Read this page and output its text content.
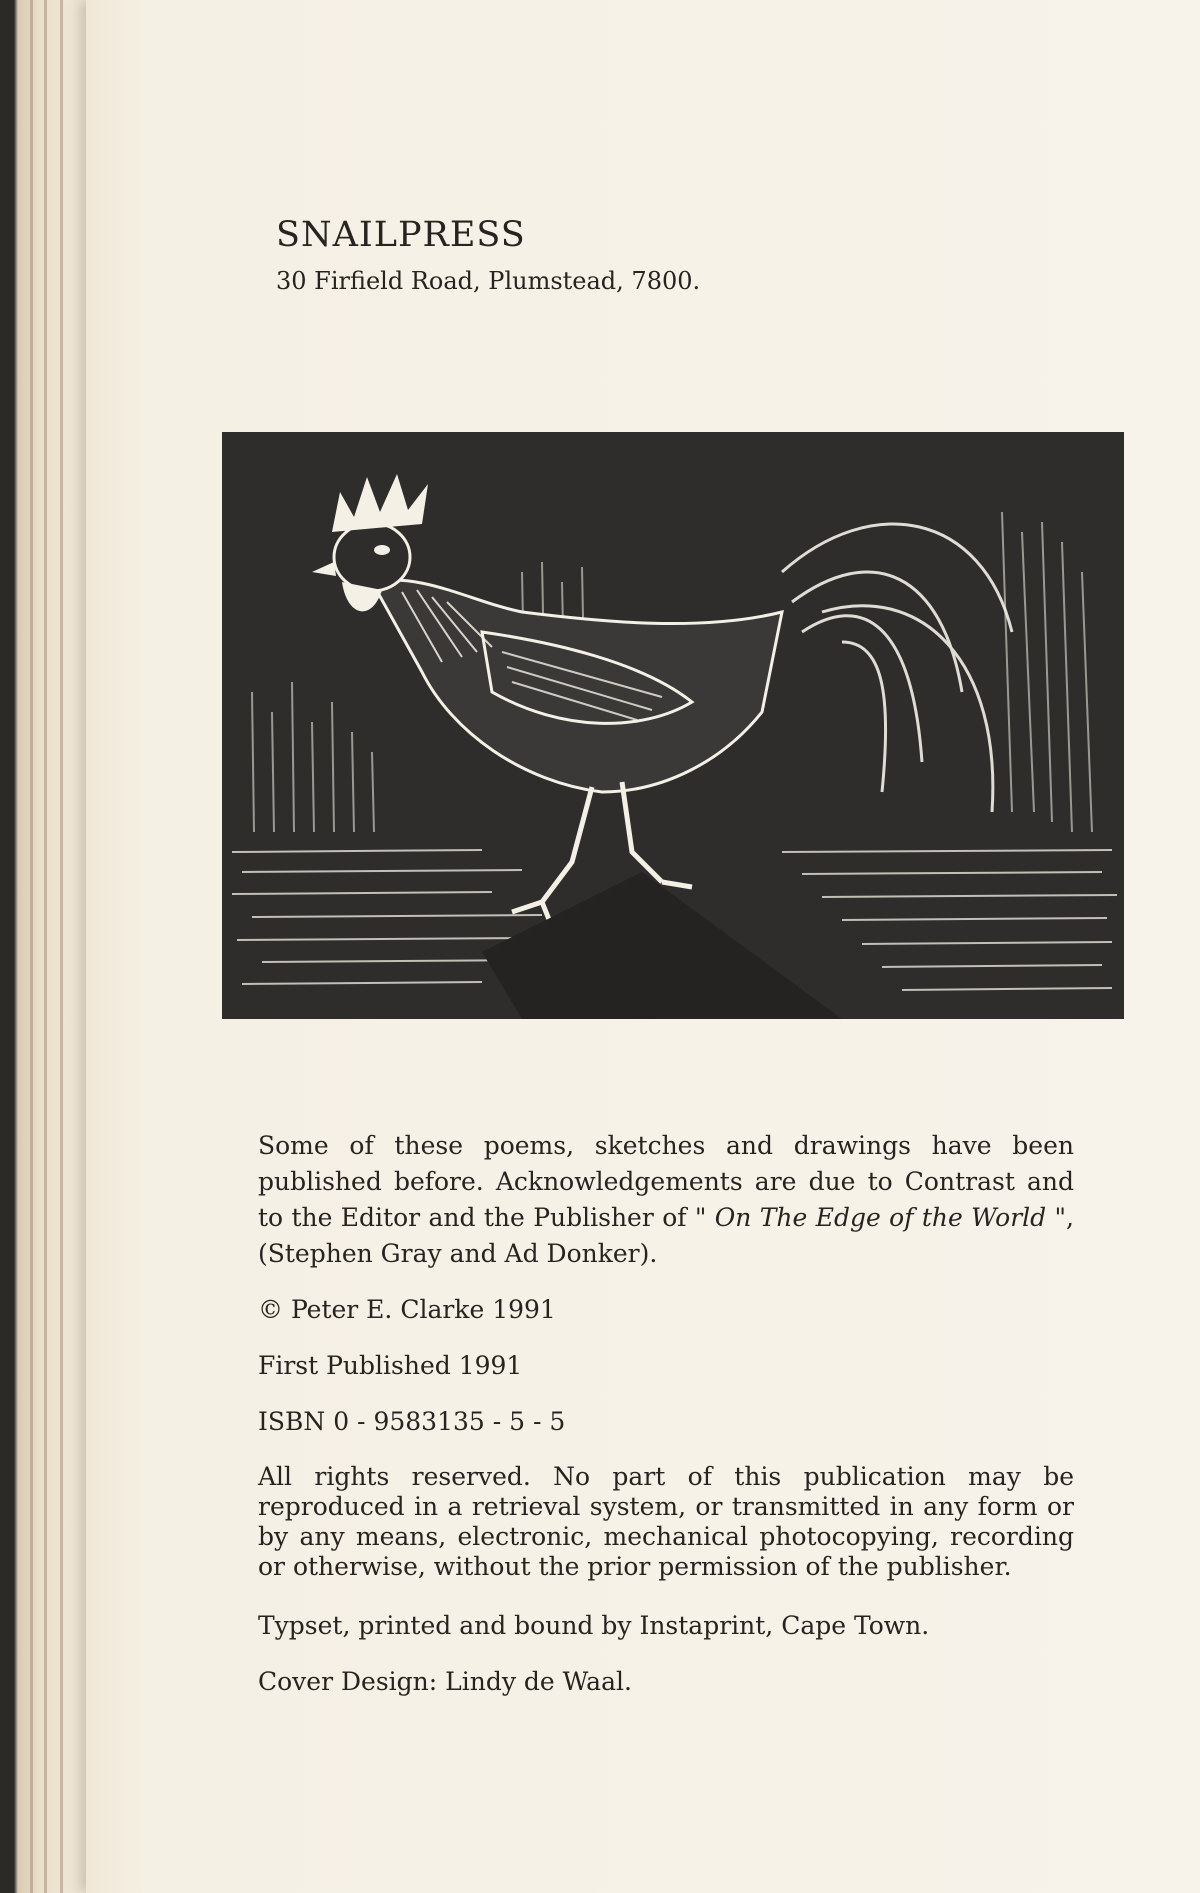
SNAILPRESS
30 Firfield Road, Plumstead, 7800.
Some of these poems, sketches and drawings have been published before. Acknowledgements are due to Contrast and to the Editor and the Publisher of " On The Edge of the World ", (Stephen Gray and Ad Donker).
© Peter E. Clarke 1991
First Published 1991
ISBN 0 - 9583135 - 5 - 5
All rights reserved. No part of this publication may be reproduced in a retrieval system, or transmitted in any form or by any means, electronic, mechanical photocopying, recording or otherwise, without the prior permission of the publisher.
Typset, printed and bound by Instaprint, Cape Town.
Cover Design: Lindy de Waal.
